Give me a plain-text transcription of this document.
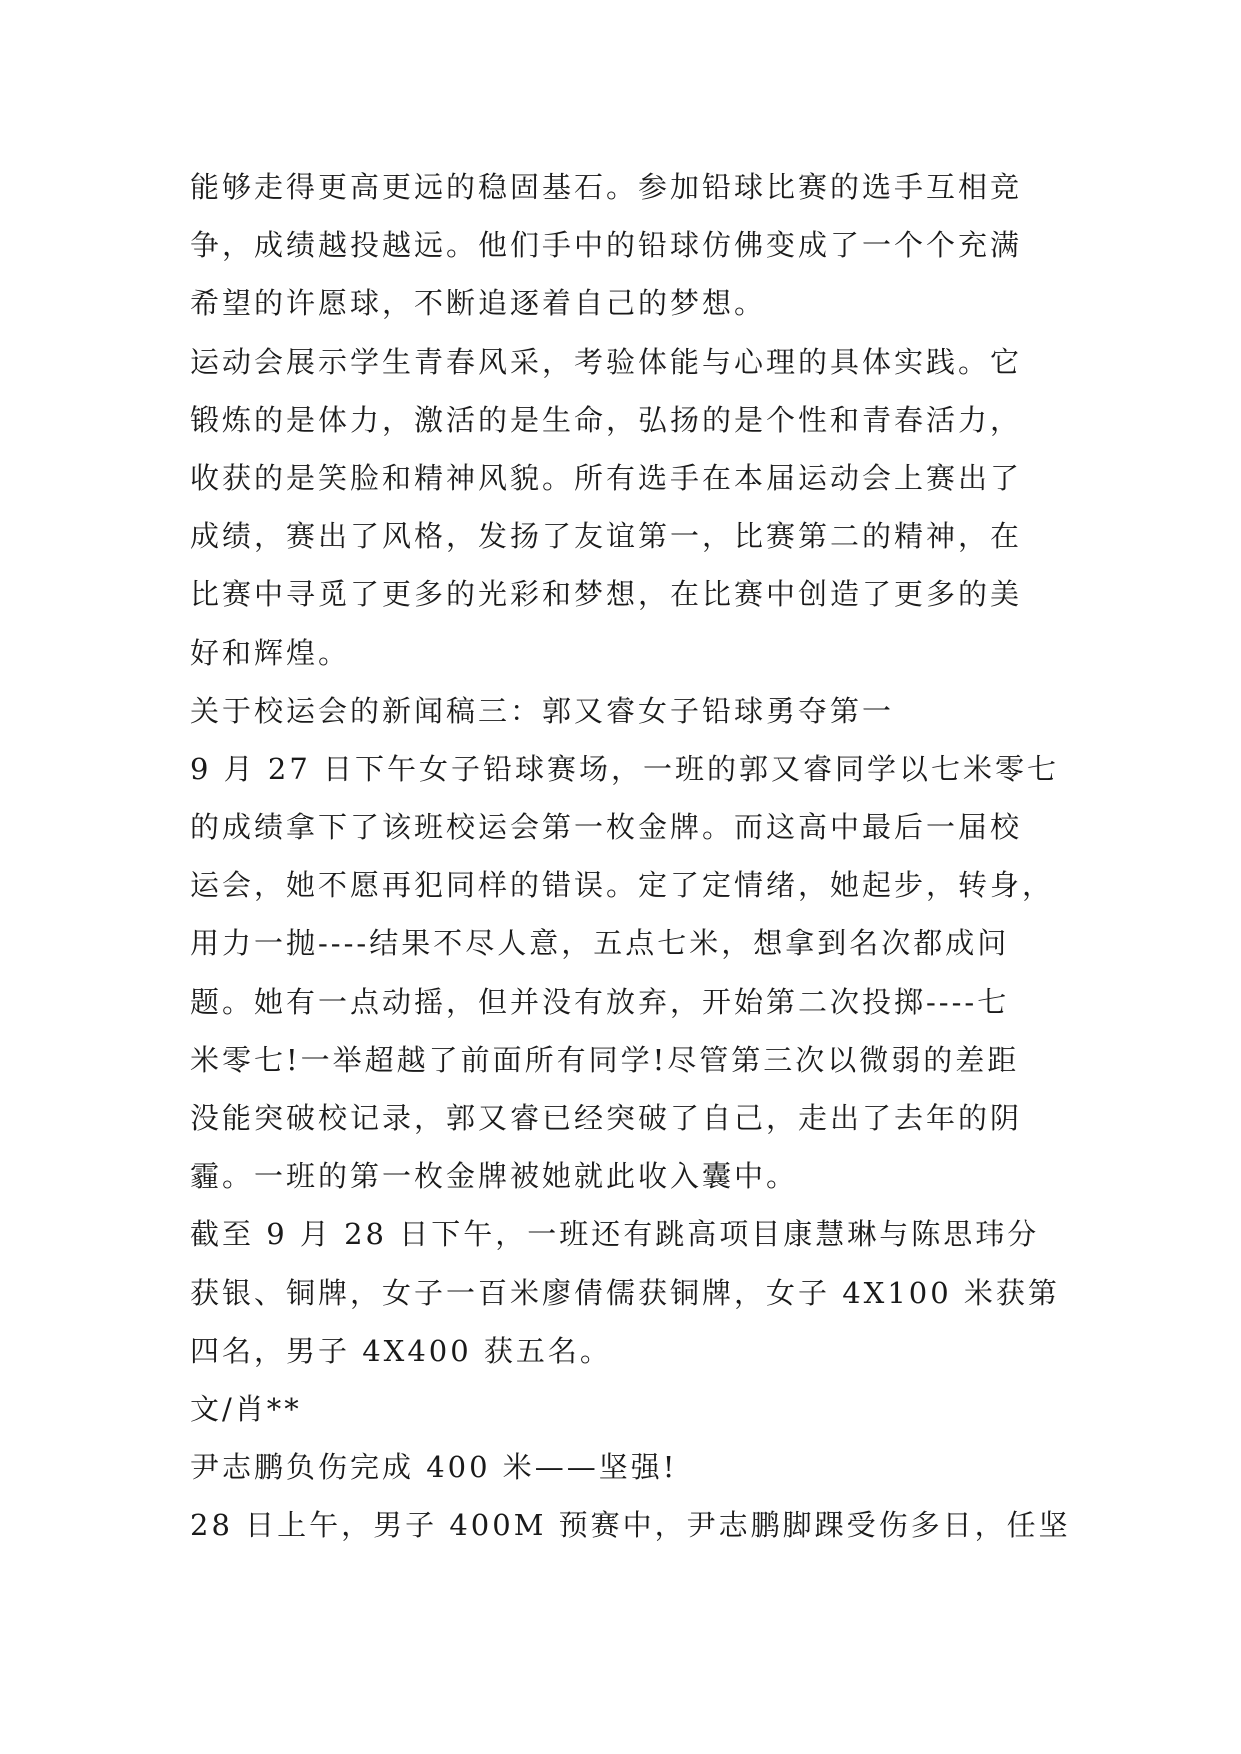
能够走得更高更远的稳固基石。参加铅球比赛的选手互相竞

争，成绩越投越远。他们手中的铅球仿佛变成了一个个充满

希望的许愿球，不断追逐着自己的梦想。

运动会展示学生青春风采，考验体能与心理的具体实践。它

锻炼的是体力，激活的是生命，弘扬的是个性和青春活力，

收获的是笑脸和精神风貌。所有选手在本届运动会上赛出了

成绩，赛出了风格，发扬了友谊第一，比赛第二的精神，在

比赛中寻觅了更多的光彩和梦想，在比赛中创造了更多的美

好和辉煌。

关于校运会的新闻稿三：郭又睿女子铅球勇夺第一

9 月 27 日下午女子铅球赛场，一班的郭又睿同学以七米零七

的成绩拿下了该班校运会第一枚金牌。而这高中最后一届校

运会，她不愿再犯同样的错误。定了定情绪，她起步，转身，

用力一抛----结果不尽人意，五点七米，想拿到名次都成问

题。她有一点动摇，但并没有放弃，开始第二次投掷----七

米零七!一举超越了前面所有同学!尽管第三次以微弱的差距

没能突破校记录，郭又睿已经突破了自己，走出了去年的阴

霾。一班的第一枚金牌被她就此收入囊中。

截至 9 月 28 日下午，一班还有跳高项目康慧琳与陈思玮分

获银、铜牌，女子一百米廖倩儒获铜牌，女子 4X100 米获第

四名，男子 4X400 获五名。

文/肖**

尹志鹏负伤完成 400 米——坚强!

28 日上午，男子 400M 预赛中，尹志鹏脚踝受伤多日，任坚
